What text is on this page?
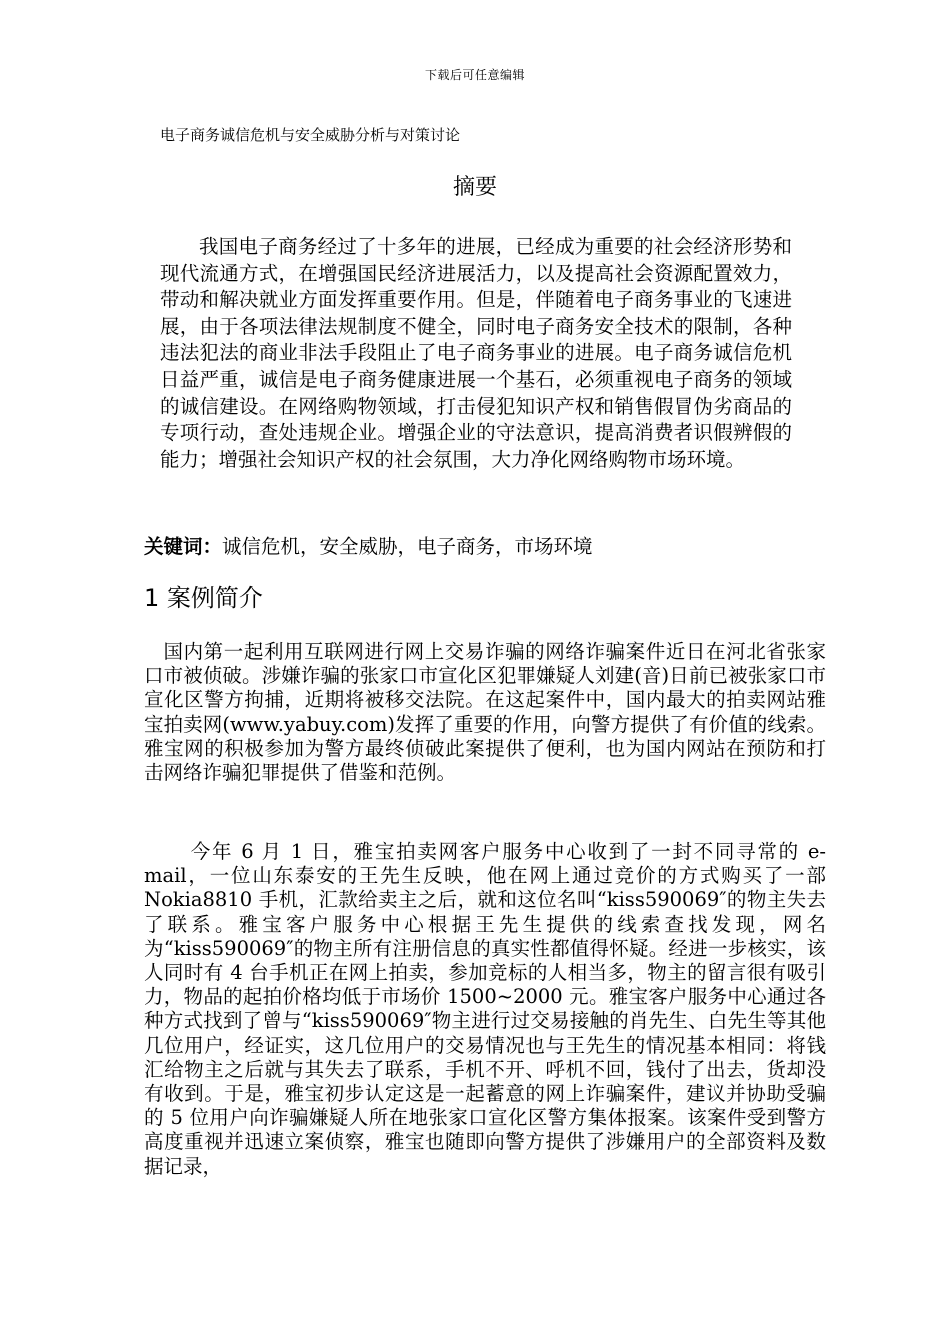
下载后可任意编辑
电子商务诚信危机与安全威胁分析与对策讨论
摘要

我国电子商务经过了十多年的进展，已经成为重要的社会经济形势和现代流通方式，在增强国民经济进展活力，以及提高社会资源配置效力，带动和解决就业方面发挥重要作用。但是，伴随着电子商务事业的飞速进展，由于各项法律法规制度不健全，同时电子商务安全技术的限制，各种违法犯法的商业非法手段阻止了电子商务事业的进展。电子商务诚信危机日益严重，诚信是电子商务健康进展一个基石，必须重视电子商务的领域的诚信建设。在网络购物领域，打击侵犯知识产权和销售假冒伪劣商品的专项行动，查处违规企业。增强企业的守法意识，提高消费者识假辨假的能力；增强社会知识产权的社会氛围，大力净化网络购物市场环境。

关键词：诚信危机，安全威胁，电子商务，市场环境
1 案例简介

国内第一起利用互联网进行网上交易诈骗的网络诈骗案件近日在河北省张家口市被侦破。涉嫌诈骗的张家口市宣化区犯罪嫌疑人刘建(音)日前已被张家口市宣化区警方拘捕，近期将被移交法院。在这起案件中，国内最大的拍卖网站雅宝拍卖网(www.yabuy.com)发挥了重要的作用，向警方提供了有价值的线索。雅宝网的积极参加为警方最终侦破此案提供了便利，也为国内网站在预防和打击网络诈骗犯罪提供了借鉴和范例。

今年 6 月 1 日，雅宝拍卖网客户服务中心收到了一封不同寻常的 e-mail，一位山东泰安的王先生反映，他在网上通过竞价的方式购买了一部 Nokia8810 手机，汇款给卖主之后，就和这位名叫“kiss590069″的物主失去了联系。雅宝客户服务中心根据王先生提供的线索查找发现，网名为“kiss590069″的物主所有注册信息的真实性都值得怀疑。经进一步核实，该人同时有 4 台手机正在网上拍卖，参加竞标的人相当多，物主的留言很有吸引力，物品的起拍价格均低于市场价 1500~2000 元。雅宝客户服务中心通过各种方式找到了曾与“kiss590069″物主进行过交易接触的肖先生、白先生等其他几位用户，经证实，这几位用户的交易情况也与王先生的情况基本相同：将钱汇给物主之后就与其失去了联系，手机不开、呼机不回，钱付了出去，货却没有收到。于是，雅宝初步认定这是一起蓄意的网上诈骗案件，建议并协助受骗的 5 位用户向诈骗嫌疑人所在地张家口宣化区警方集体报案。该案件受到警方高度重视并迅速立案侦察，雅宝也随即向警方提供了涉嫌用户的全部资料及数据记录，
